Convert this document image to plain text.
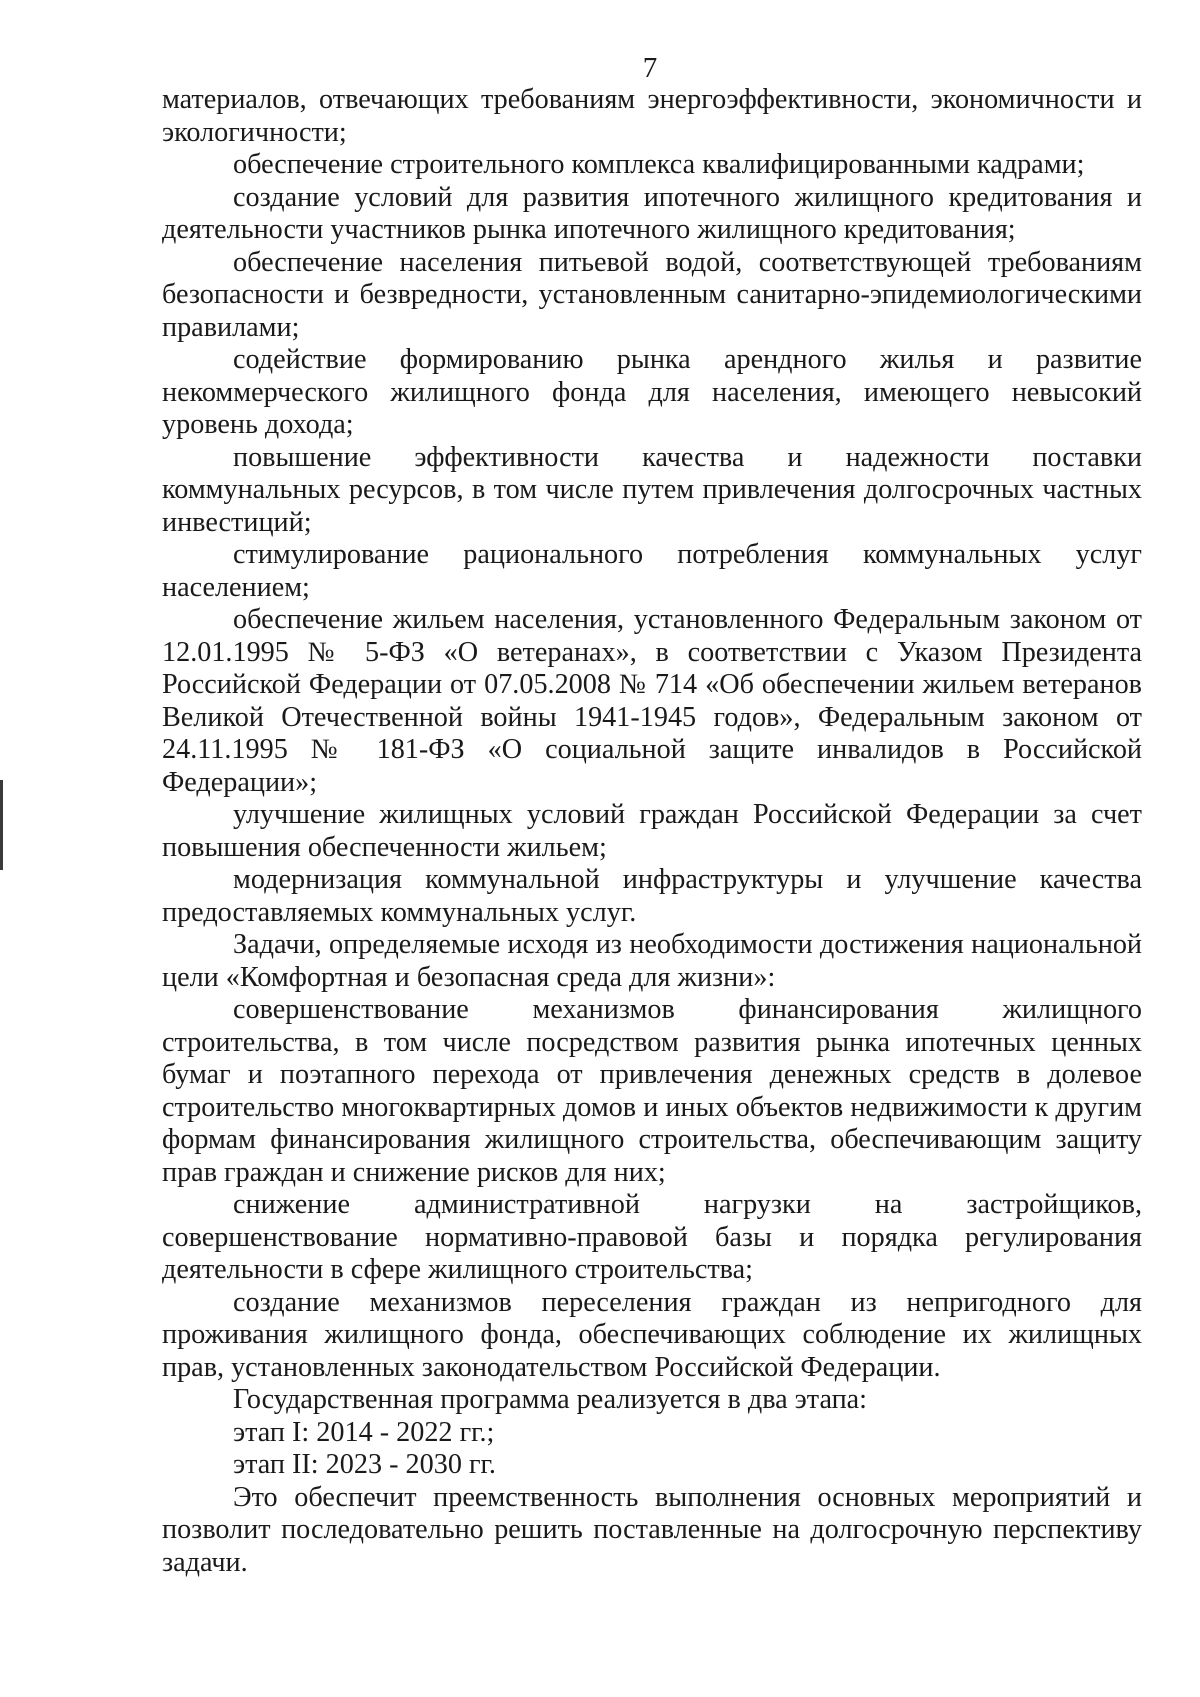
7

материалов, отвечающих требованиям энергоэффективности, экономичности и экологичности;

обеспечение строительного комплекса квалифицированными кадрами;

создание условий для развития ипотечного жилищного кредитования и деятельности участников рынка ипотечного жилищного кредитования;

обеспечение населения питьевой водой, соответствующей требованиям безопасности и безвредности, установленным санитарно-эпидемиологическими правилами;

содействие формированию рынка арендного жилья и развитие некоммерческого жилищного фонда для населения, имеющего невысокий уровень дохода;

повышение эффективности качества и надежности поставки коммунальных ресурсов, в том числе путем привлечения долгосрочных частных инвестиций;

стимулирование рационального потребления коммунальных услуг населением;

обеспечение жильем населения, установленного Федеральным законом от 12.01.1995 № 5-ФЗ «О ветеранах», в соответствии с Указом Президента Российской Федерации от 07.05.2008 № 714 «Об обеспечении жильем ветеранов Великой Отечественной войны 1941-1945 годов», Федеральным законом от 24.11.1995 № 181-ФЗ «О социальной защите инвалидов в Российской Федерации»;

улучшение жилищных условий граждан Российской Федерации за счет повышения обеспеченности жильем;

модернизация коммунальной инфраструктуры и улучшение качества предоставляемых коммунальных услуг.

Задачи, определяемые исходя из необходимости достижения национальной цели «Комфортная и безопасная среда для жизни»:

совершенствование механизмов финансирования жилищного строительства, в том числе посредством развития рынка ипотечных ценных бумаг и поэтапного перехода от привлечения денежных средств в долевое строительство многоквартирных домов и иных объектов недвижимости к другим формам финансирования жилищного строительства, обеспечивающим защиту прав граждан и снижение рисков для них;

снижение административной нагрузки на застройщиков, совершенствование нормативно-правовой базы и порядка регулирования деятельности в сфере жилищного строительства;

создание механизмов переселения граждан из непригодного для проживания жилищного фонда, обеспечивающих соблюдение их жилищных прав, установленных законодательством Российской Федерации.

Государственная программа реализуется в два этапа:

этап I: 2014 - 2022 гг.;

этап II: 2023 - 2030 гг.

Это обеспечит преемственность выполнения основных мероприятий и позволит последовательно решить поставленные на долгосрочную перспективу задачи.
